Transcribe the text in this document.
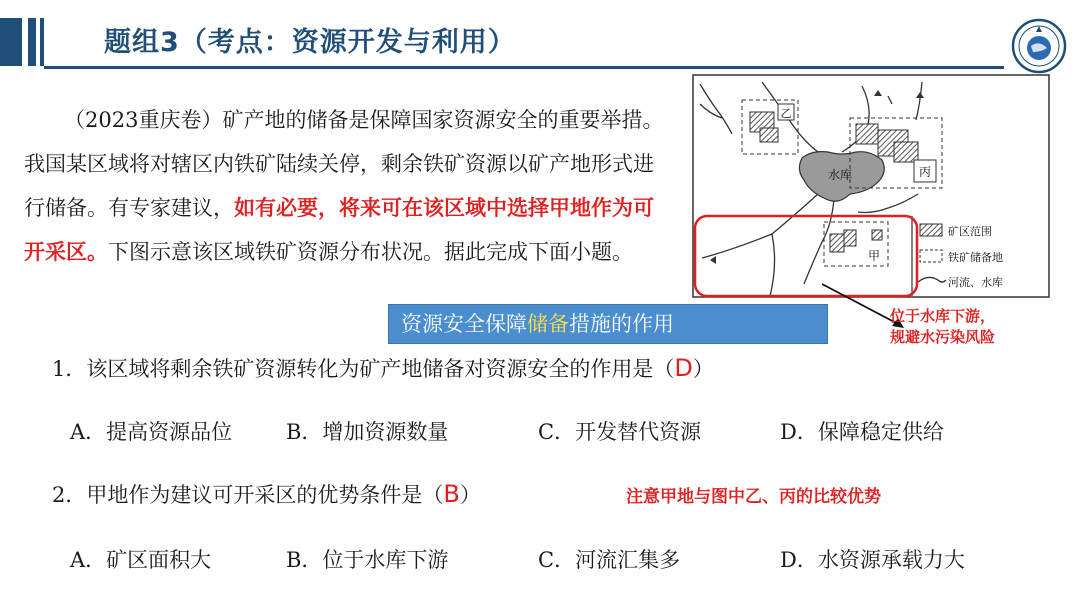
题组3（考点：资源开发与利用）
（2023重庆卷）矿产地的储备是保障国家资源安全的重要举措。我国某区域将对辖区内铁矿陆续关停，剩余铁矿资源以矿产地形式进行储备。有专家建议，如有必要，将来可在该区域中选择甲地作为可开采区。下图示意该区域铁矿资源分布状况。据此完成下面小题。
资源安全保障储备措施的作用
1．该区域将剩余铁矿资源转化为矿产地储备对资源安全的作用是（D）
A．提高资源品位	B．增加资源数量	C．开发替代资源	D．保障稳定供给
2．甲地作为建议可开采区的优势条件是（B）	注意甲地与图中乙、丙的比较优势
A．矿区面积大	B．位于水库下游	C．河流汇集多	D．水资源承载力大
水库
乙
丙
甲
矿区范围
铁矿储备地
河流、水库
位于水库下游，
规避水污染风险
